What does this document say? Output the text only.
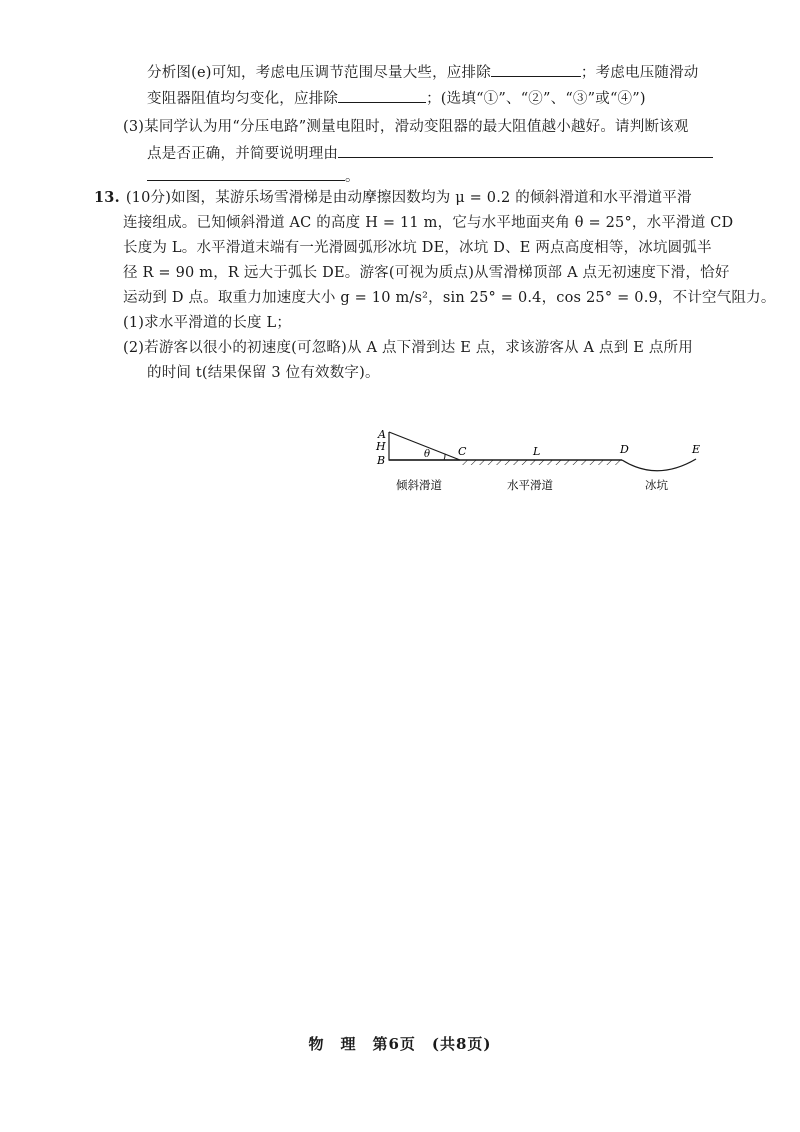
分析图(e)可知，考虑电压调节范围尽量大些，应排除	；考虑电压随滑动
变阻器阻值均匀变化，应排除	；(选填“①”、“②”、“③”或“④”)
(3)某同学认为用“分压电路”测量电阻时，滑动变阻器的最大阻值越小越好。请判断该观
点是否正确，并简要说明理由
。
13. (10分)如图，某游乐场雪滑梯是由动摩擦因数均为 μ = 0.2 的倾斜滑道和水平滑道平滑
连接组成。已知倾斜滑道 AC 的高度 H = 11 m，它与水平地面夹角 θ = 25°，水平滑道 CD
长度为 L。水平滑道末端有一光滑圆弧形冰坑 DE，冰坑 D、E 两点高度相等，冰坑圆弧半
径 R = 90 m，R 远大于弧长 DE。游客(可视为质点)从雪滑梯顶部 A 点无初速度下滑，恰好
运动到 D 点。取重力加速度大小 g = 10 m/s²，sin 25° = 0.4，cos 25° = 0.9，不计空气阻力。
(1)求水平滑道的长度 L；
(2)若游客以很小的初速度(可忽略)从 A 点下滑到达 E 点，求该游客从 A 点到 E 点所用
的时间 t(结果保留 3 位有效数字)。
A
H
B	θ	C	L	D	E
倾斜滑道	水平滑道	冰坑
物　理　第6页　(共8页)
